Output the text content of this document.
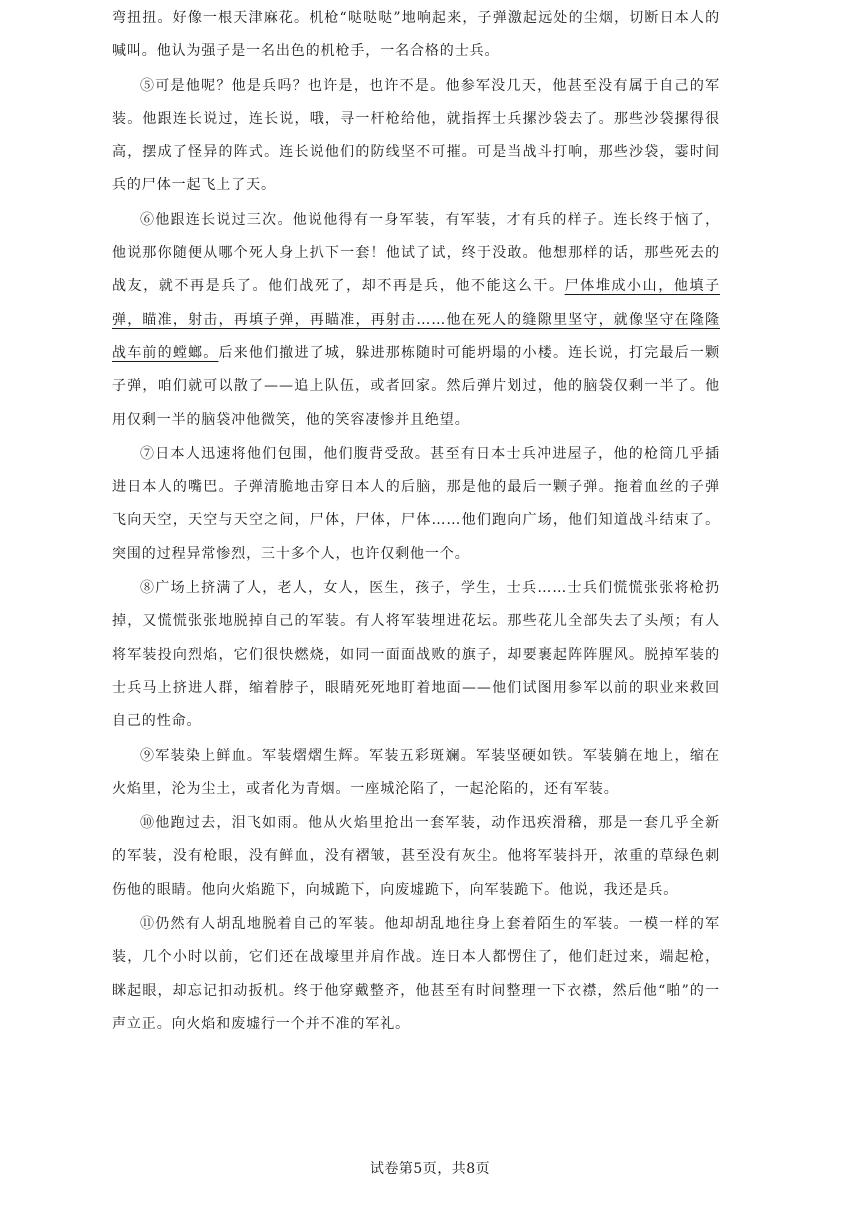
弯扭扭。好像一根天津麻花。机枪“哒哒哒”地响起来，子弹激起远处的尘烟，切断日本人的喊叫。他认为强子是一名出色的机枪手，一名合格的士兵。

⑤可是他呢？他是兵吗？也许是，也许不是。他参军没几天，他甚至没有属于自己的军装。他跟连长说过，连长说，哦，寻一杆枪给他，就指挥士兵摞沙袋去了。那些沙袋摞得很高，摆成了怪异的阵式。连长说他们的防线坚不可摧。可是当战斗打响，那些沙袋，霎时间兵的尸体一起飞上了天。

⑥他跟连长说过三次。他说他得有一身军装，有军装，才有兵的样子。连长终于恼了，他说那你随便从哪个死人身上扒下一套！他试了试，终于没敢。他想那样的话，那些死去的战友，就不再是兵了。他们战死了，却不再是兵，他不能这么干。尸体堆成小山，他填子弹，瞄准，射击，再填子弹，再瞄准，再射击……他在死人的缝隙里坚守，就像坚守在隆隆战车前的螳螂。后来他们撤进了城，躲进那栋随时可能坍塌的小楼。连长说，打完最后一颗子弹，咱们就可以散了——追上队伍，或者回家。然后弹片划过，他的脑袋仅剩一半了。他用仅剩一半的脑袋冲他微笑，他的笑容凄惨并且绝望。

⑦日本人迅速将他们包围，他们腹背受敌。甚至有日本士兵冲进屋子，他的枪筒几乎插进日本人的嘴巴。子弹清脆地击穿日本人的后脑，那是他的最后一颗子弹。拖着血丝的子弹飞向天空，天空与天空之间，尸体，尸体，尸体……他们跑向广场，他们知道战斗结束了。突围的过程异常惨烈，三十多个人，也许仅剩他一个。

⑧广场上挤满了人，老人，女人，医生，孩子，学生，士兵……士兵们慌慌张张将枪扔掉，又慌慌张张地脱掉自己的军装。有人将军装埋进花坛。那些花儿全部失去了头颅；有人将军装投向烈焰，它们很快燃烧，如同一面面战败的旗子，却要裹起阵阵腥风。脱掉军装的士兵马上挤进人群，缩着脖子，眼睛死死地盯着地面——他们试图用参军以前的职业来救回自己的性命。

⑨军装染上鲜血。军装熠熠生辉。军装五彩斑斓。军装坚硬如铁。军装躺在地上，缩在火焰里，沦为尘土，或者化为青烟。一座城沦陷了，一起沦陷的，还有军装。

⑩他跑过去，泪飞如雨。他从火焰里抢出一套军装，动作迅疾滑稽，那是一套几乎全新的军装，没有枪眼，没有鲜血，没有褶皱，甚至没有灰尘。他将军装抖开，浓重的草绿色刺伤他的眼睛。他向火焰跪下，向城跪下，向废墟跪下，向军装跪下。他说，我还是兵。

⑪仍然有人胡乱地脱着自己的军装。他却胡乱地往身上套着陌生的军装。一模一样的军装，几个小时以前，它们还在战壕里并肩作战。连日本人都愣住了，他们赶过来，端起枪，眯起眼，却忘记扣动扳机。终于他穿戴整齐，他甚至有时间整理一下衣襟，然后他“啪”的一声立正。向火焰和废墟行一个并不准的军礼。

试卷第5页，共8页
